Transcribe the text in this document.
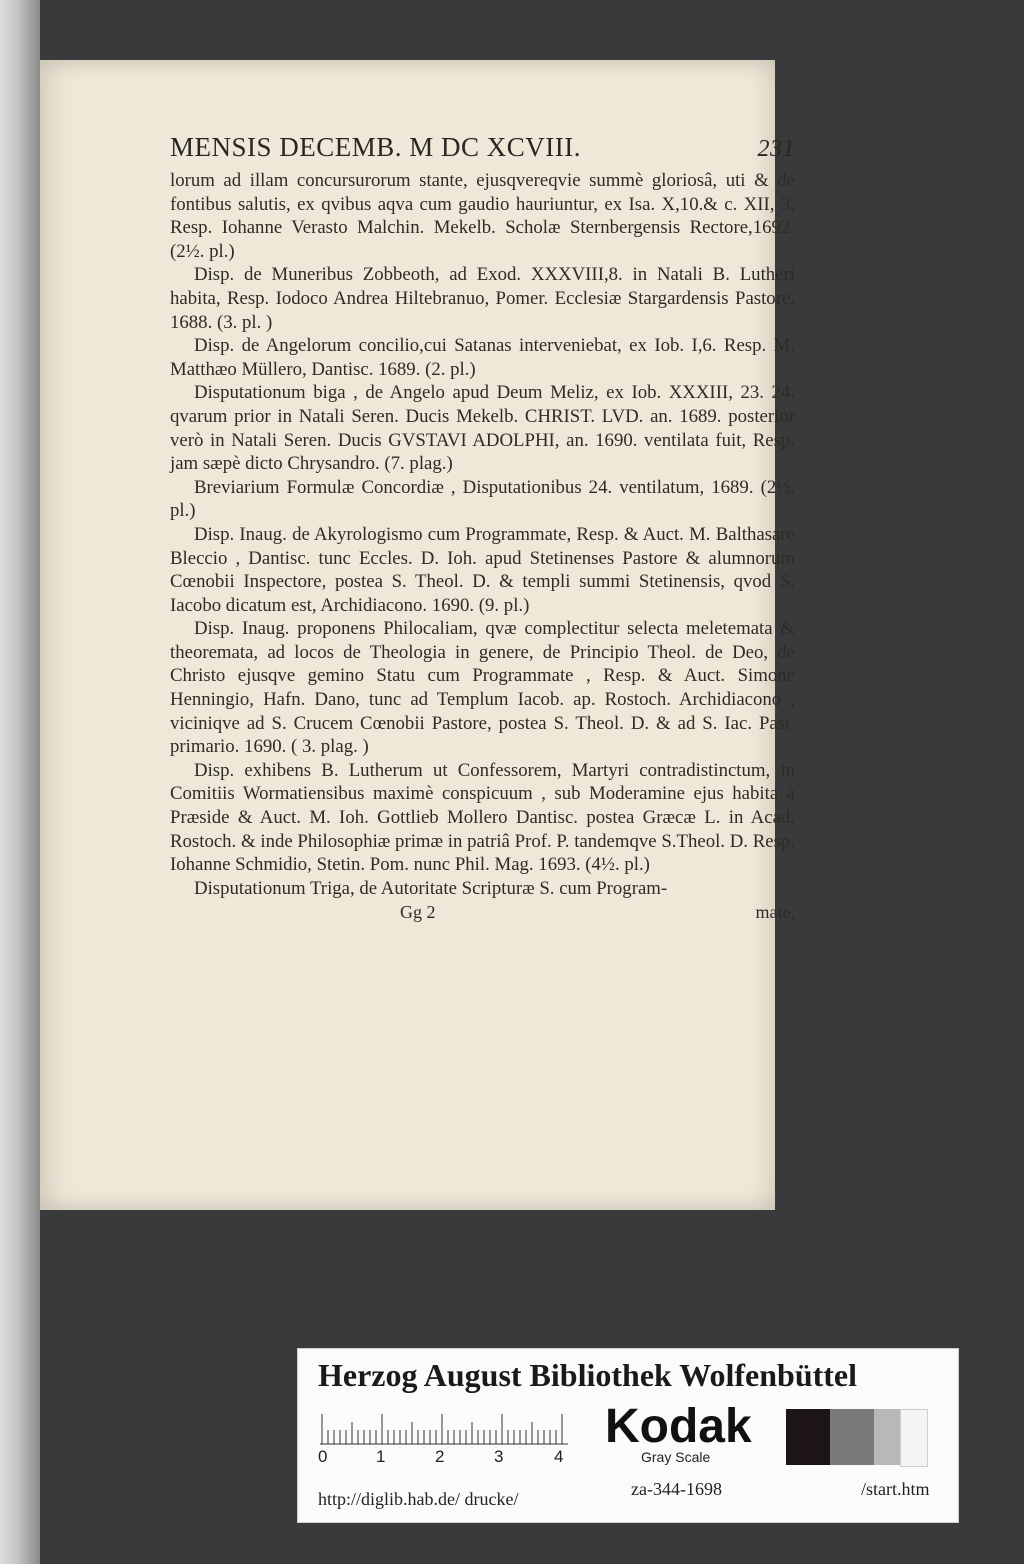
MENSIS DECEMB. M DC XCVIII.	231

lorum ad illam concursurorum stante, ejusqvereqvie summè gloriosâ, uti & de fontibus salutis, ex qvibus aqva cum gaudio hauriuntur, ex Isa. X,10.& c. XII, 3. Resp. Iohanne Verasto Malchin. Mekelb. Scholæ Sternbergensis Rectore,1692. (2½. pl.)

Disp. de Muneribus Zobbeoth, ad Exod. XXXVIII,8. in Natali B. Lutheri habita, Resp. Iodoco Andrea Hiltebranuo, Pomer. Ecclesiæ Stargardensis Pastore. 1688. (3. pl. )

Disp. de Angelorum concilio,cui Satanas interveniebat, ex Iob. I,6. Resp. M. Matthæo Müllero, Dantisc. 1689. (2. pl.)

Disputationum biga , de Angelo apud Deum Meliz, ex Iob. XXXIII, 23. 24. qvarum prior in Natali Seren. Ducis Mekelb. CHRIST. LVD. an. 1689. posterior verò in Natali Seren. Ducis GVSTAVI ADOLPHI, an. 1690. ventilata fuit, Resp. jam sæpè dicto Chrysandro. (7. plag.)

Breviarium Formulæ Concordiæ , Disputationibus 24. ventilatum, 1689. (2½. pl.)

Disp. Inaug. de Akyrologismo cum Programmate, Resp. & Auct. M. Balthasare Bleccio , Dantisc. tunc Eccles. D. Ioh. apud Stetinenses Pastore & alumnorum Cœnobii Inspectore, postea S. Theol. D. & templi summi Stetinensis, qvod S. Iacobo dicatum est, Archidiacono. 1690. (9. pl.)

Disp. Inaug. proponens Philocaliam, qvæ complectitur selecta meletemata & theoremata, ad locos de Theologia in genere, de Principio Theol. de Deo, de Christo ejusqve gemino Statu cum Programmate , Resp. & Auct. Simone Henningio, Hafn. Dano, tunc ad Templum Iacob. ap. Rostoch. Archidiacono , viciniqve ad S. Crucem Cœnobii Pastore, postea S. Theol. D. & ad S. Iac. Past. primario. 1690. ( 3. plag. )

Disp. exhibens B. Lutherum ut Confessorem, Martyri contradistinctum, in Comitiis Wormatiensibus maximè conspicuum , sub Moderamine ejus habita à Præside & Auct. M. Ioh. Gottlieb Mollero Dantisc. postea Græcæ L. in Acad. Rostoch. & inde Philosophiæ primæ in patriâ Prof. P. tandemqve S.Theol. D. Resp. Iohanne Schmidio, Stetin. Pom. nunc Phil. Mag. 1693. (4½. pl.)

Disputationum Triga, de Autoritate Scripturæ S. cum Program-

Gg 2	mate,
Herzog August Bibliothek Wolfenbüttel
0	1	2	3	4
Kodak
Gray Scale
http://diglib.hab.de/ drucke/	za-344-1698	/start.htm
